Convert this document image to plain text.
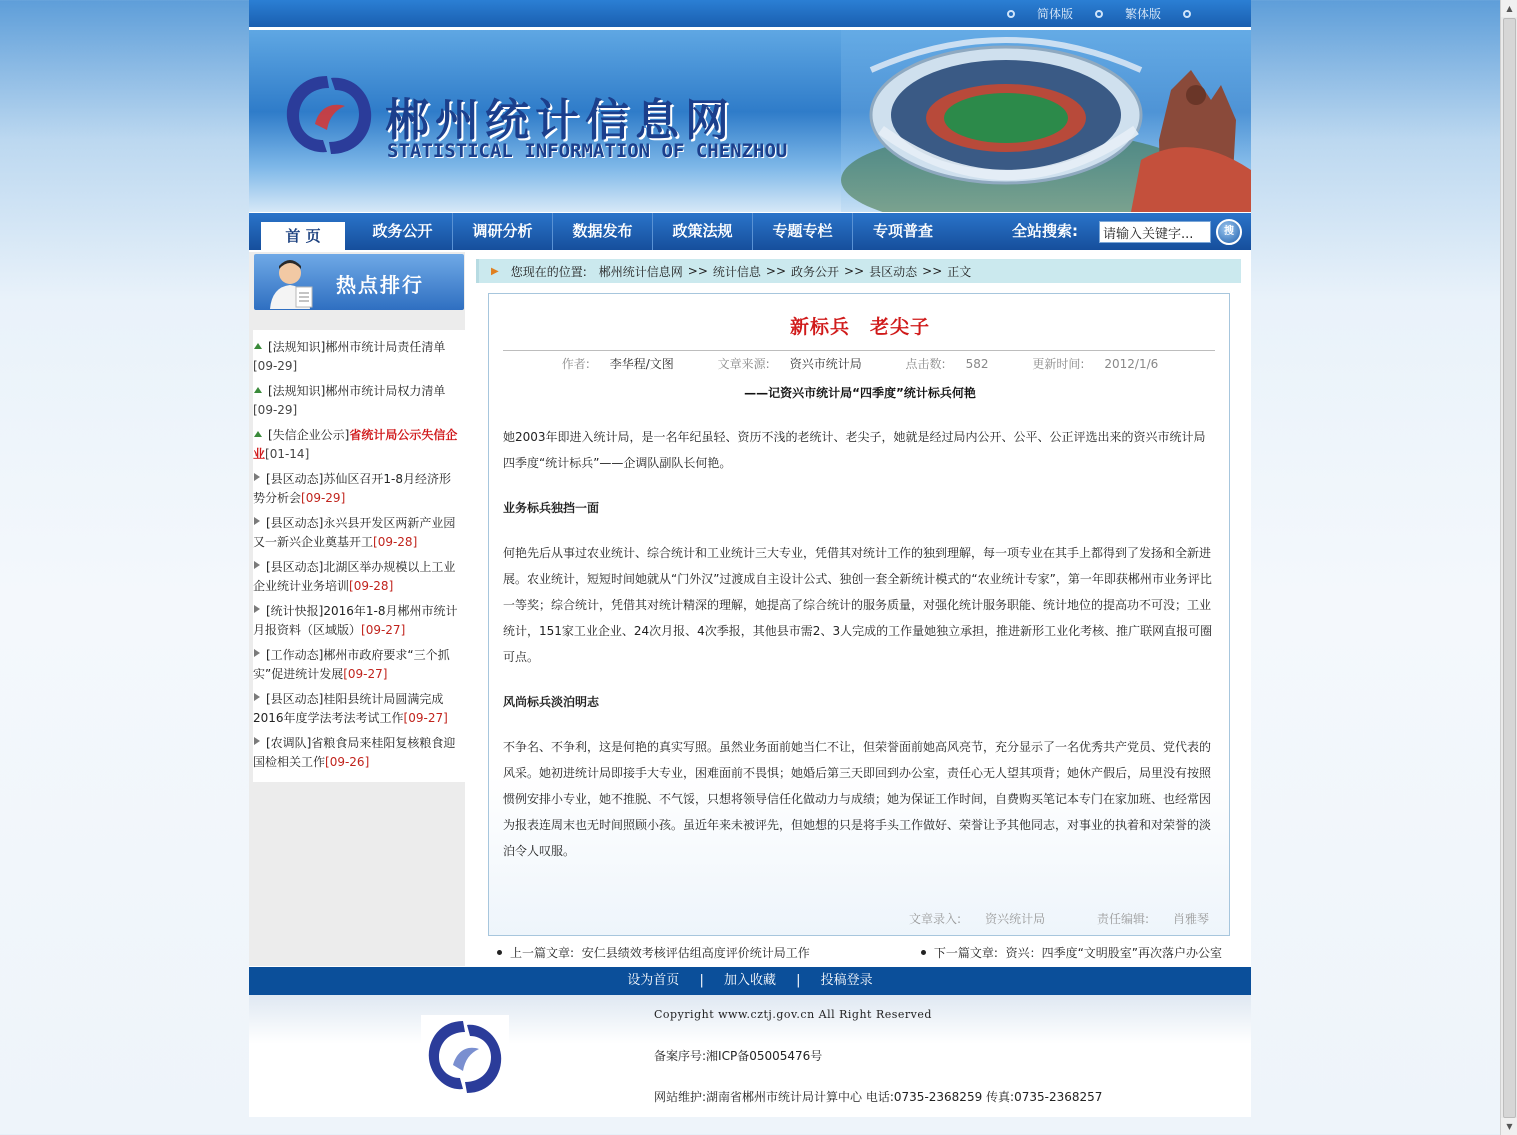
▲
▼
简体版	繁体版
郴州统计信息网
STATISTICAL INFORMATION OF CHENZHOU
首 页	政务公开	调研分析	数据发布	政策法规	专题专栏	专项普查	全站搜索:
请输入关键字...	搜
热点排行
[法规知识]郴州市统计局责任清单[09-29]
[法规知识]郴州市统计局权力清单[09-29]
[失信企业公示]省统计局公示失信企业[01-14]
[县区动态]苏仙区召开1-8月经济形势分析会[09-29]
[县区动态]永兴县开发区两新产业园又一新兴企业奠基开工[09-28]
[县区动态]北湖区举办规模以上工业企业统计业务培训[09-28]
[统计快报]2016年1-8月郴州市统计月报资料（区域版）[09-27]
[工作动态]郴州市政府要求“三个抓实”促进统计发展[09-27]
[县区动态]桂阳县统计局圆满完成2016年度学法考法考试工作[09-27]
[农调队]省粮食局来桂阳复核粮食迎国检相关工作[09-26]
▶ 您现在的位置: 郴州统计信息网 >> 统计信息 >> 政务公开 >> 县区动态 >> 正文
新标兵　老尖子
作者: 李华程/文图	文章来源: 资兴市统计局	点击数: 582	更新时间: 2012/1/6
——记资兴市统计局“四季度”统计标兵何艳

她2003年即进入统计局，是一名年纪虽轻、资历不浅的老统计、老尖子，她就是经过局内公开、公平、公正评选出来的资兴市统计局四季度“统计标兵”——企调队副队长何艳。

业务标兵独挡一面

何艳先后从事过农业统计、综合统计和工业统计三大专业，凭借其对统计工作的独到理解，每一项专业在其手上都得到了发扬和全新进展。农业统计，短短时间她就从“门外汉”过渡成自主设计公式、独创一套全新统计模式的“农业统计专家”，第一年即获郴州市业务评比一等奖；综合统计，凭借其对统计精深的理解，她提高了综合统计的服务质量，对强化统计服务职能、统计地位的提高功不可没；工业统计，151家工业企业、24次月报、4次季报，其他县市需2、3人完成的工作量她独立承担，推进新形工业化考核、推广联网直报可圈可点。

风尚标兵淡泊明志

不争名、不争利，这是何艳的真实写照。虽然业务面前她当仁不让，但荣誉面前她高风亮节，充分显示了一名优秀共产党员、党代表的风采。她初进统计局即接手大专业，困难面前不畏惧；她婚后第三天即回到办公室，责任心无人望其项背；她休产假后，局里没有按照惯例安排小专业，她不推脱、不气馁，只想将领导信任化做动力与成绩；她为保证工作时间，自费购买笔记本专门在家加班、也经常因为报表连周末也无时间照顾小孩。虽近年来未被评先，但她想的只是将手头工作做好、荣誉让予其他同志，对事业的执着和对荣誉的淡泊令人叹服。

文章录入: 资兴统计局	责任编辑: 肖雅琴
上一篇文章: 安仁县绩效考核评估组高度评价统计局工作	下一篇文章: 资兴：四季度“文明股室”再次落户办公室
设为首页 | 加入收藏 | 投稿登录
Copyright www.cztj.gov.cn All Right Reserved
备案序号:湘ICP备05005476号
网站维护:湖南省郴州市统计局计算中心 电话:0735-2368259 传真:0735-2368257
